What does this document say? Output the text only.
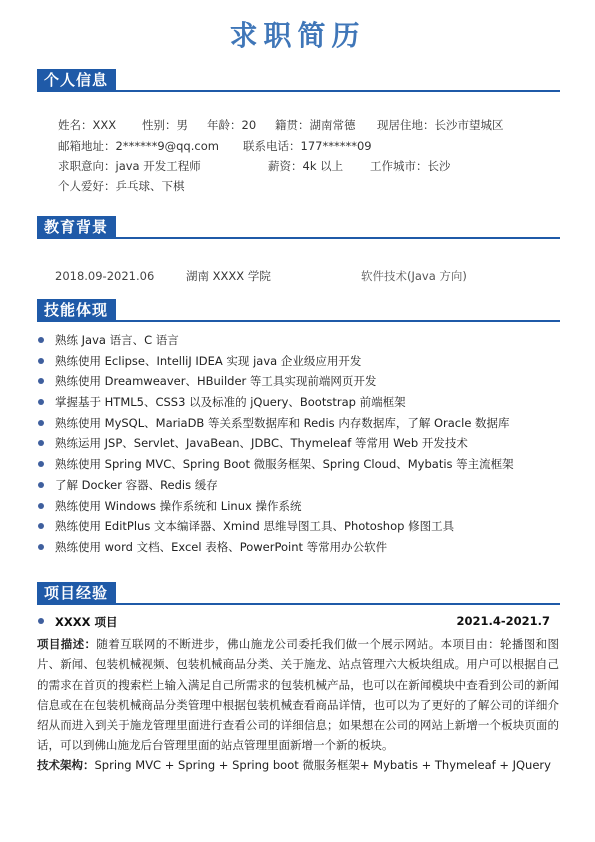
求职简历
个人信息
姓名：XXX 性别：男 年龄：20 籍贯：湖南常德 现居住地：长沙市望城区
邮箱地址：2******9@qq.com 联系电话：177******09
求职意向：java 开发工程师	薪资：4k 以上 工作城市：长沙
个人爱好：乒乓球、下棋
教育背景
2018.09-2021.06	湖南 XXXX 学院	软件技术(Java 方向)
技能体现
熟练 Java 语言、C 语言
熟练使用 Eclipse、IntelliJ IDEA 实现 java 企业级应用开发
熟练使用 Dreamweaver、HBuilder 等工具实现前端网页开发
掌握基于 HTML5、CSS3 以及标准的 jQuery、Bootstrap 前端框架
熟练使用 MySQL、MariaDB 等关系型数据库和 Redis 内存数据库，了解 Oracle 数据库
熟练运用 JSP、Servlet、JavaBean、JDBC、Thymeleaf 等常用 Web 开发技术
熟练使用 Spring MVC、Spring Boot 微服务框架、Spring Cloud、Mybatis 等主流框架
了解 Docker 容器、Redis 缓存
熟练使用 Windows 操作系统和 Linux 操作系统
熟练使用 EditPlus 文本编译器、Xmind 思维导图工具、Photoshop 修图工具
熟练使用 word 文档、Excel 表格、PowerPoint 等常用办公软件
项目经验
XXXX 项目	2021.4-2021.7
项目描述：随着互联网的不断进步，佛山施龙公司委托我们做一个展示网站。本项目由：轮播图和图片、新闻、包装机械视频、包装机械商品分类、关于施龙、站点管理六大板块组成。用户可以根据自己的需求在首页的搜索栏上输入满足自己所需求的包装机械产品，也可以在新闻模块中查看到公司的新闻信息或在在包装机械商品分类管理中根据包装机械查看商品详情，也可以为了更好的了解公司的详细介绍从而进入到关于施龙管理里面进行查看公司的详细信息；如果想在公司的网站上新增一个板块页面的话，可以到佛山施龙后台管理里面的站点管理里面新增一个新的板块。
技术架构：Spring MVC + Spring + Spring boot 微服务框架+ Mybatis + Thymeleaf + JQuery
